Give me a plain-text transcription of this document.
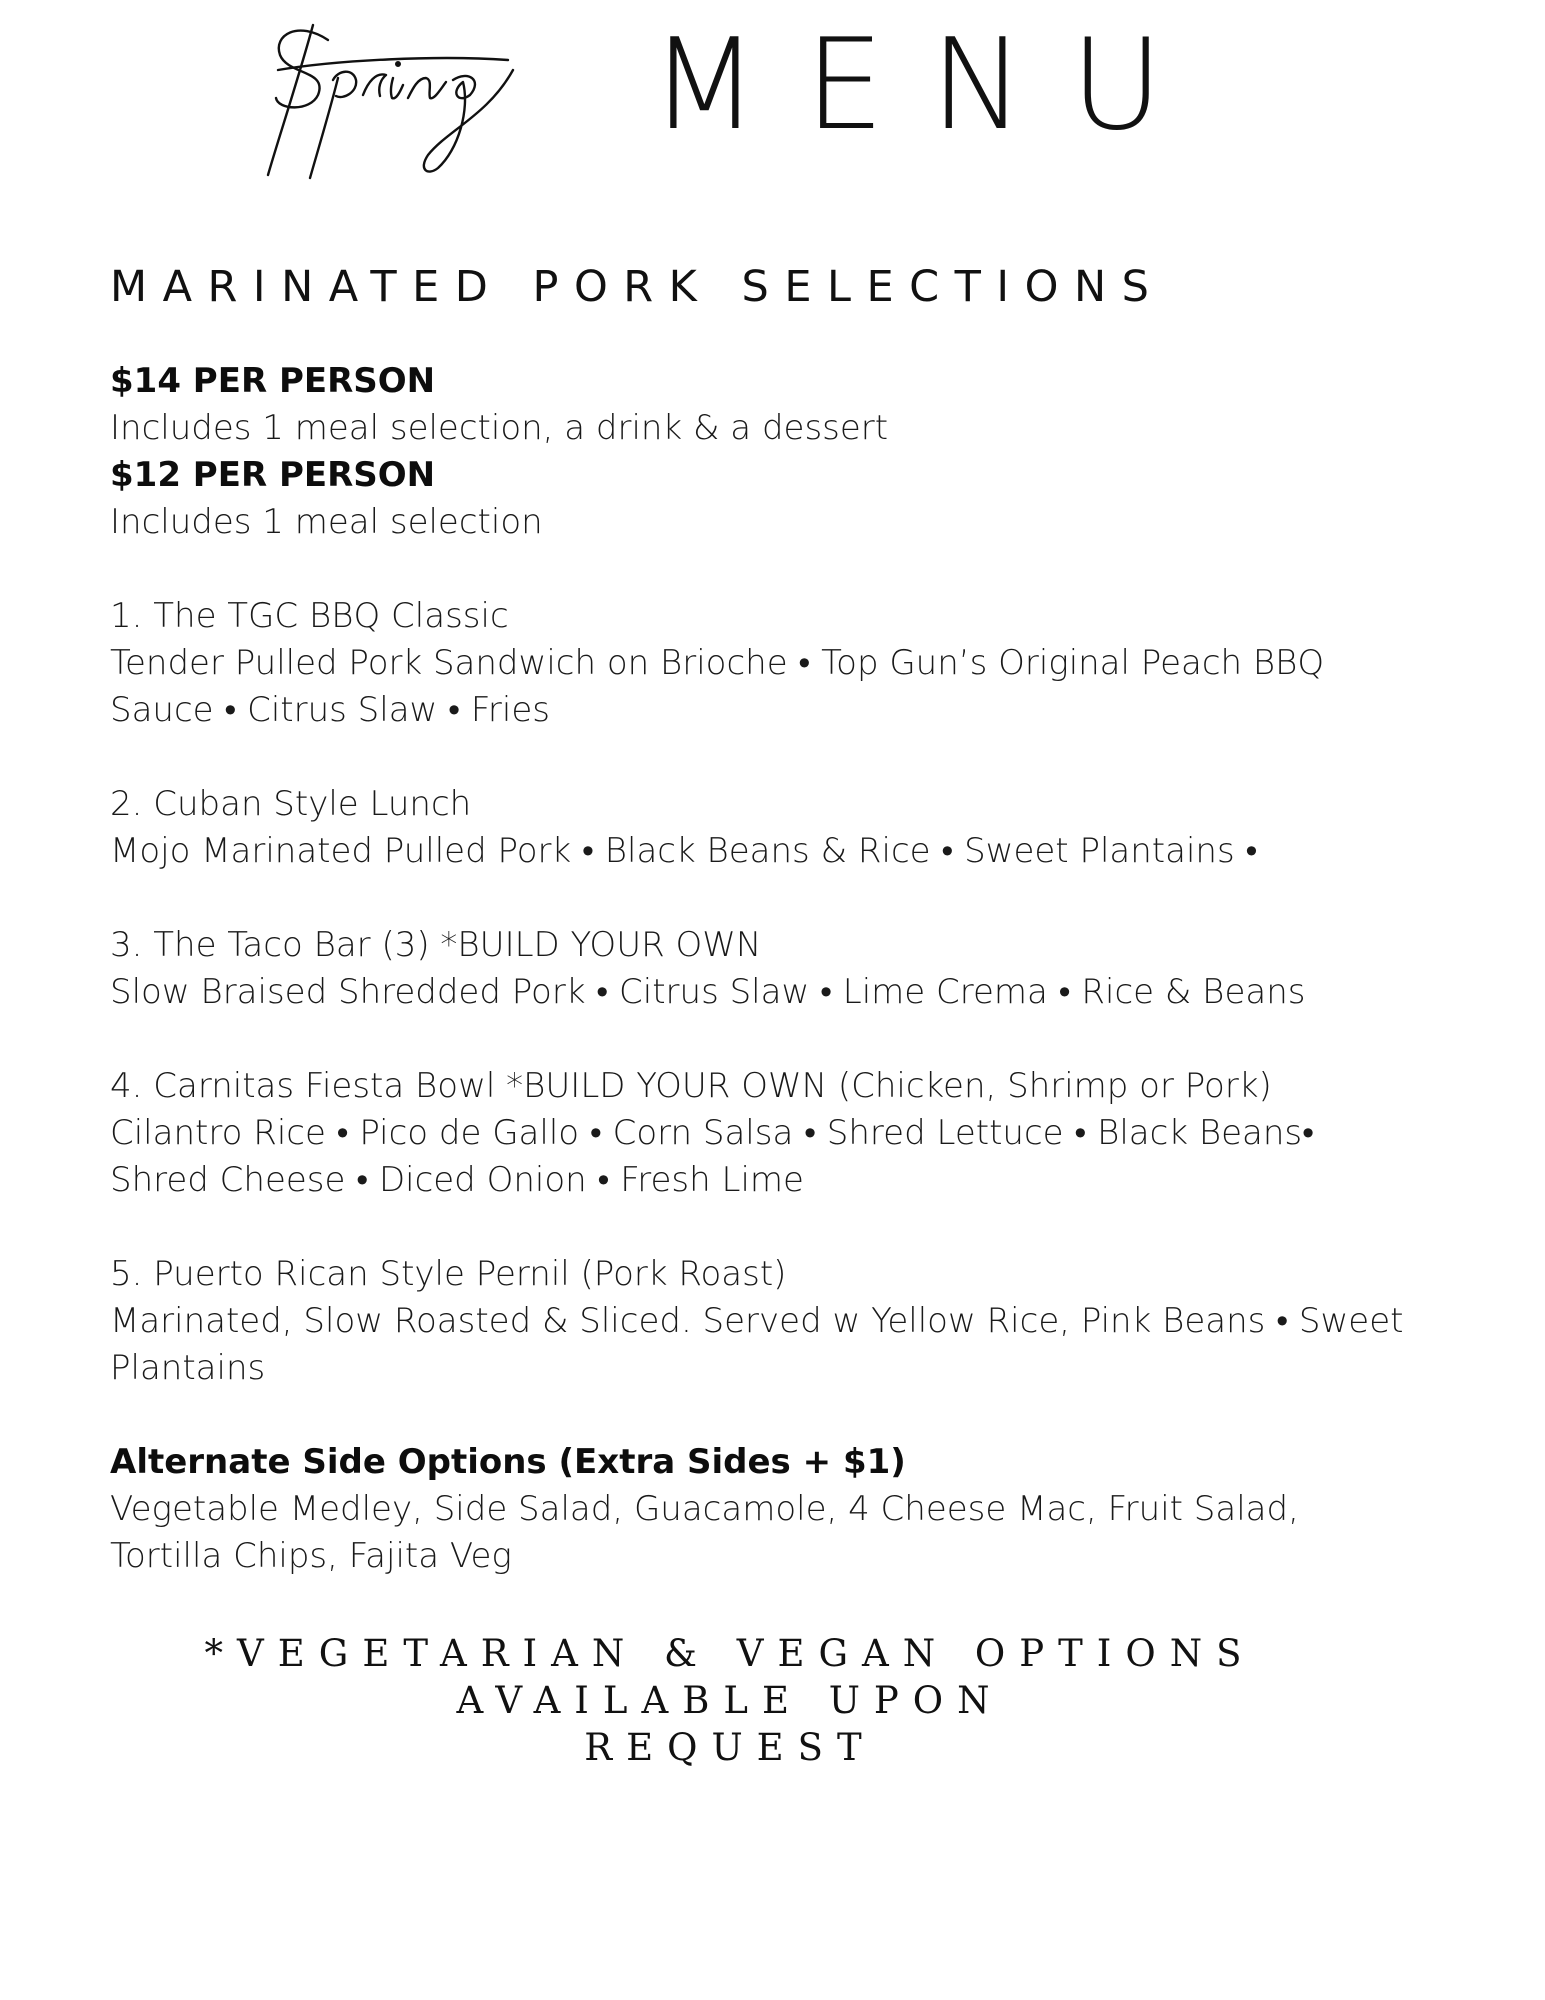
MENU
MARINATED PORK SELECTIONS
$14 PER PERSON
Includes 1 meal selection, a drink & a dessert
$12 PER PERSON
Includes 1 meal selection
1. The TGC BBQ Classic
Tender Pulled Pork Sandwich on Brioche • Top Gun’s Original Peach BBQ
Sauce • Citrus Slaw • Fries
2. Cuban Style Lunch
Mojo Marinated Pulled Pork • Black Beans & Rice • Sweet Plantains •
3. The Taco Bar (3) *BUILD YOUR OWN
Slow Braised Shredded Pork • Citrus Slaw • Lime Crema • Rice & Beans
4. Carnitas Fiesta Bowl *BUILD YOUR OWN (Chicken, Shrimp or Pork)
Cilantro Rice • Pico de Gallo • Corn Salsa • Shred Lettuce • Black Beans•
Shred Cheese • Diced Onion • Fresh Lime
5. Puerto Rican Style Pernil (Pork Roast)
Marinated, Slow Roasted & Sliced. Served w Yellow Rice, Pink Beans • Sweet
Plantains
Alternate Side Options (Extra Sides + $1)
Vegetable Medley, Side Salad, Guacamole, 4 Cheese Mac, Fruit Salad,
Tortilla Chips, Fajita Veg
*VEGETARIAN & VEGAN OPTIONS AVAILABLE UPON
REQUEST
